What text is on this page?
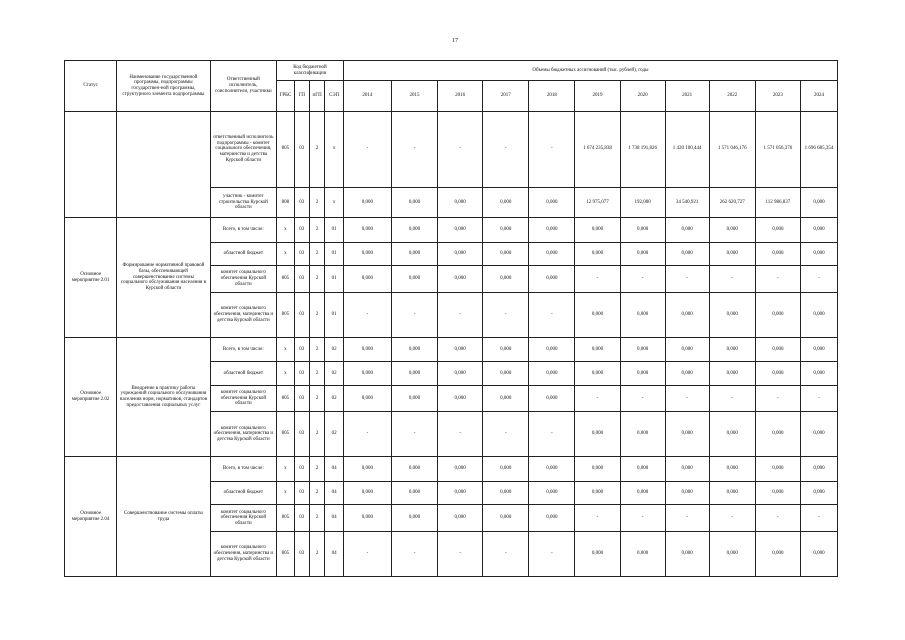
17
Статус	Наименование государственной программы, подпрограммы государствен-ной программы, структурного элемента подпрограммы	Ответственный исполнитель, соисполнители, участники	Код бюджетной классификации				Объемы бюджетных ассигнований (тыс. рублей), годы										
			ГРБС	ГП	пГП	СЭП	2014	2015	2016	2017	2018	2019	2020	2021	2022	2023	2024
		ответственный исполнитель подпрограммы - комитет социального обеспечения, материнства и детства Курской области	805	03	2	х	-	-	-	-	-	1 674 235,838	1 738 191,826	1 420 100,444	1 571 046,176	1 571 056,376	1 696 685,354
		участник - комитет строительства Курской области	808	03	2	х	0,000	0,000	0,000	0,000	0,000	12 975,077	192,000	34 540,921	262 620,727	112 986,837	0,000
Основное мероприятие 2.01	Формирование нормативной правовой базы, обеспечивающей совершенствование системы социального обслуживания населения в Курской области	Всего, в том числе:	х	03	2	01	0,000	0,000	0,000	0,000	0,000	0,000	0,000	0,000	0,000	0,000	0,000
		областной бюджет	х	03	2	01	0,000	0,000	0,000	0,000	0,000	0,000	0,000	0,000	0,000	0,000	0,000
		комитет социального обеспечения Курской области	805	03	2	01	0,000	0,000	0,000	0,000	0,000	-	-	-	-	-	-
		комитет социального обеспечения, материнства и детства Курской области	805	03	2	01	-	-	-	-	-	0,000	0,000	0,000	0,000	0,000	0,000
Основное мероприятие 2.02	Внедрение в практику работы учреждений социального обслуживания населения норм, нормативов, стандартов предоставления социальных услуг	Всего, в том числе:	х	03	2	02	0,000	0,000	0,000	0,000	0,000	0,000	0,000	0,000	0,000	0,000	0,000
		областной бюджет	х	03	2	02	0,000	0,000	0,000	0,000	0,000	0,000	0,000	0,000	0,000	0,000	0,000
		комитет социального обеспечения Курской области	805	03	2	02	0,000	0,000	0,000	0,000	0,000	-	-	-	-	-	-
		комитет социального обеспечения, материнства и детства Курской области	805	03	2	02	-	-	-	-	-	0,000	0,000	0,000	0,000	0,000	0,000
Основное мероприятие 2.04	Совершенствование системы оплаты труда	Всего, в том числе:	х	03	2	04	0,000	0,000	0,000	0,000	0,000	0,000	0,000	0,000	0,000	0,000	0,000
		областной бюджет	х	03	2	04	0,000	0,000	0,000	0,000	0,000	0,000	0,000	0,000	0,000	0,000	0,000
		комитет социального обеспечения Курской области	805	03	2	04	0,000	0,000	0,000	0,000	0,000	-	-	-	-	-	-
		комитет социального обеспечения, материнства и детства Курской области	805	03	2	04	-	-	-	-	-	0,000	0,000	0,000	0,000	0,000	0,000
